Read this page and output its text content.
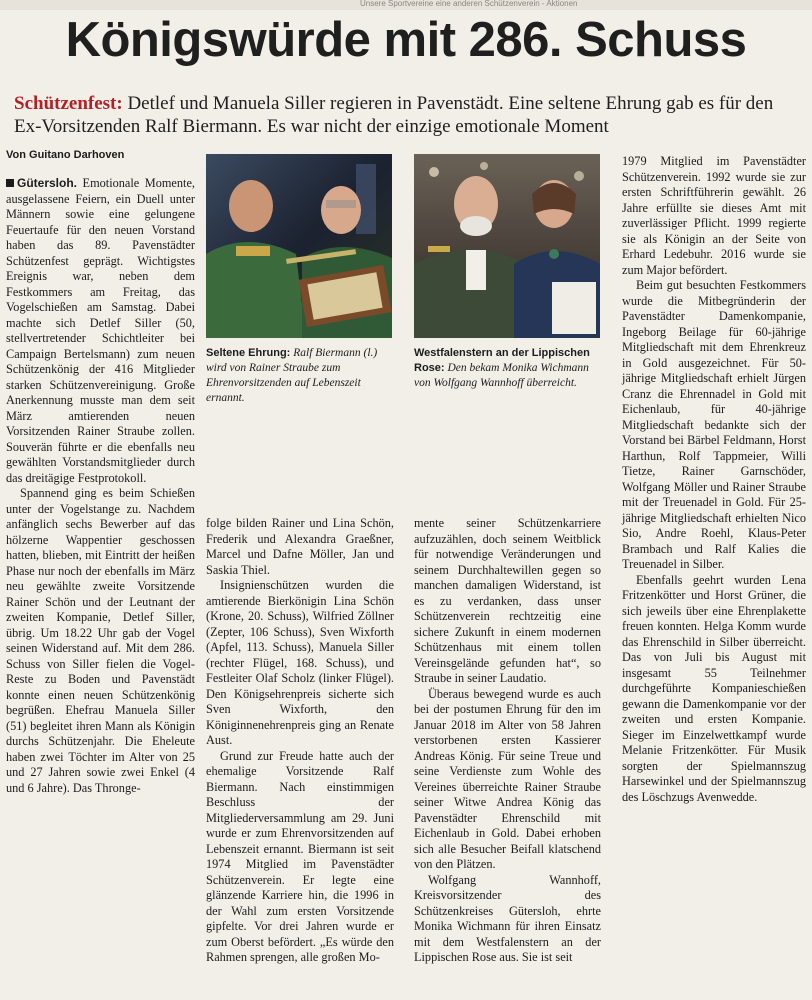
Unsere Sportvereine eine anderen Schützenverein - Aktionen
Königswürde mit 286. Schuss
Schützenfest: Detlef und Manuela Siller regieren in Pavenstädt. Eine seltene Ehrung gab es für den Ex-Vorsitzenden Ralf Biermann. Es war nicht der einzige emotionale Moment
Von Guitano Darhoven

Gütersloh. Emotionale Momente, ausgelassene Feiern, ein Duell unter Männern sowie eine gelungene Feuertaufe für den neuen Vorstand haben das 89. Pavenstädter Schützenfest geprägt. Wichtigstes Ereignis war, neben dem Festkommers am Freitag, das Vogelschießen am Samstag. Dabei machte sich Detlef Siller (50, stellvertretender Schichtleiter bei Campaign Bertelsmann) zum neuen Schützenkönig der 416 Mitglieder starken Schützenvereinigung. Große Anerkennung musste man dem seit März amtierenden neuen Vorsitzenden Rainer Straube zollen. Souverän führte er die ebenfalls neu gewählten Vorstandsmitglieder durch das dreitägige Festprotokoll.

Spannend ging es beim Schießen unter der Vogelstange zu. Nachdem anfänglich sechs Bewerber auf das hölzerne Wappentier geschossen hatten, blieben, mit Eintritt der heißen Phase nur noch der ebenfalls im März neu gewählte zweite Vorsitzende Rainer Schön und der Leutnant der zweiten Kompanie, Detlef Siller, übrig. Um 18.22 Uhr gab der Vogel seinen Widerstand auf. Mit dem 286. Schuss von Siller fielen die Vogel-Reste zu Boden und Pavenstädt konnte einen neuen Schützenkönig begrüßen. Ehefrau Manuela Siller (51) begleitet ihren Mann als Königin durchs Schützenjahr. Die Eheleute haben zwei Töchter im Alter von 25 und 27 Jahren sowie zwei Enkel (4 und 6 Jahre). Das Thronge-

Seltene Ehrung: Ralf Biermann (l.) wird von Rainer Straube zum Ehrenvorsitzenden auf Lebenszeit ernannt.
Westfalenstern an der Lippischen Rose: Den bekam Monika Wichmann von Wolfgang Wannhoff überreicht.

folge bilden Rainer und Lina Schön, Frederik und Alexandra Graeßner, Marcel und Dafne Möller, Jan und Saskia Thiel.

Insignienschützen wurden die amtierende Bierkönigin Lina Schön (Krone, 20. Schuss), Wilfried Zöllner (Zepter, 106 Schuss), Sven Wixforth (Apfel, 113. Schuss), Manuela Siller (rechter Flügel, 168. Schuss), und Festleiter Olaf Scholz (linker Flügel). Den Königsehrenpreis sicherte sich Sven Wixforth, den Königinnenehrenpreis ging an Renate Aust.

Grund zur Freude hatte auch der ehemalige Vorsitzende Ralf Biermann. Nach einstimmigen Beschluss der Mitgliederversammlung am 29. Juni wurde er zum Ehrenvorsitzenden auf Lebenszeit ernannt. Biermann ist seit 1974 Mitglied im Pavenstädter Schützenverein. Er legte eine glänzende Karriere hin, die 1996 in der Wahl zum ersten Vorsitzende gipfelte. Vor drei Jahren wurde er zum Oberst befördert. „Es würde den Rahmen sprengen, alle großen Mo-

mente seiner Schützenkarriere aufzuzählen, doch seinem Weitblick für notwendige Veränderungen und seinem Durchhaltewillen gegen so manchen damaligen Widerstand, ist es zu verdanken, dass unser Schützenverein rechtzeitig eine sichere Zukunft in einem modernen Schützenhaus mit einem tollen Vereinsgelände gefunden hat“, so Straube in seiner Laudatio.

Überaus bewegend wurde es auch bei der postumen Ehrung für den im Januar 2018 im Alter von 58 Jahren verstorbenen ersten Kassierer Andreas König. Für seine Treue und seine Verdienste zum Wohle des Vereines überreichte Rainer Straube seiner Witwe Andrea König das Pavenstädter Ehrenschild mit Eichenlaub in Gold. Dabei erhoben sich alle Besucher Beifall klatschend von den Plätzen.

Wolfgang Wannhoff, Kreisvorsitzender des Schützenkreises Gütersloh, ehrte Monika Wichmann für ihren Einsatz mit dem Westfalenstern an der Lippischen Rose aus. Sie ist seit

1979 Mitglied im Pavenstädter Schützenverein. 1992 wurde sie zur ersten Schriftführerin gewählt. 26 Jahre erfüllte sie dieses Amt mit zuverlässiger Pflicht. 1999 regierte sie als Königin an der Seite von Erhard Ledebuhr. 2016 wurde sie zum Major befördert.

Beim gut besuchten Festkommers wurde die Mitbegründerin der Pavenstädter Damenkompanie, Ingeborg Beilage für 60-jährige Mitgliedschaft mit dem Ehrenkreuz in Gold ausgezeichnet. Für 50-jährige Mitgliedschaft erhielt Jürgen Cranz die Ehrennadel in Gold mit Eichenlaub, für 40-jährige Mitgliedschaft bedankte sich der Vorstand bei Bärbel Feldmann, Horst Harthun, Rolf Tappmeier, Willi Tietze, Rainer Garnschöder, Wolfgang Möller und Rainer Straube mit der Treuenadel in Gold. Für 25-jährige Mitgliedschaft erhielten Nico Sio, Andre Roehl, Klaus-Peter Brambach und Ralf Kalies die Treuenadel in Silber.

Ebenfalls geehrt wurden Lena Fritzenkötter und Horst Grüner, die sich jeweils über eine Ehrenplakette freuen konnten. Helga Komm wurde das Ehrenschild in Silber überreicht. Das von Juli bis August mit insgesamt 55 Teilnehmer durchgeführte Kompanieschießen gewann die Damenkompanie vor der zweiten und ersten Kompanie. Sieger im Einzelwettkampf wurde Melanie Fritzenkötter. Für Musik sorgten der Spielmannszug Harsewinkel und der Spielmannszug des Löschzugs Avenwedde.
